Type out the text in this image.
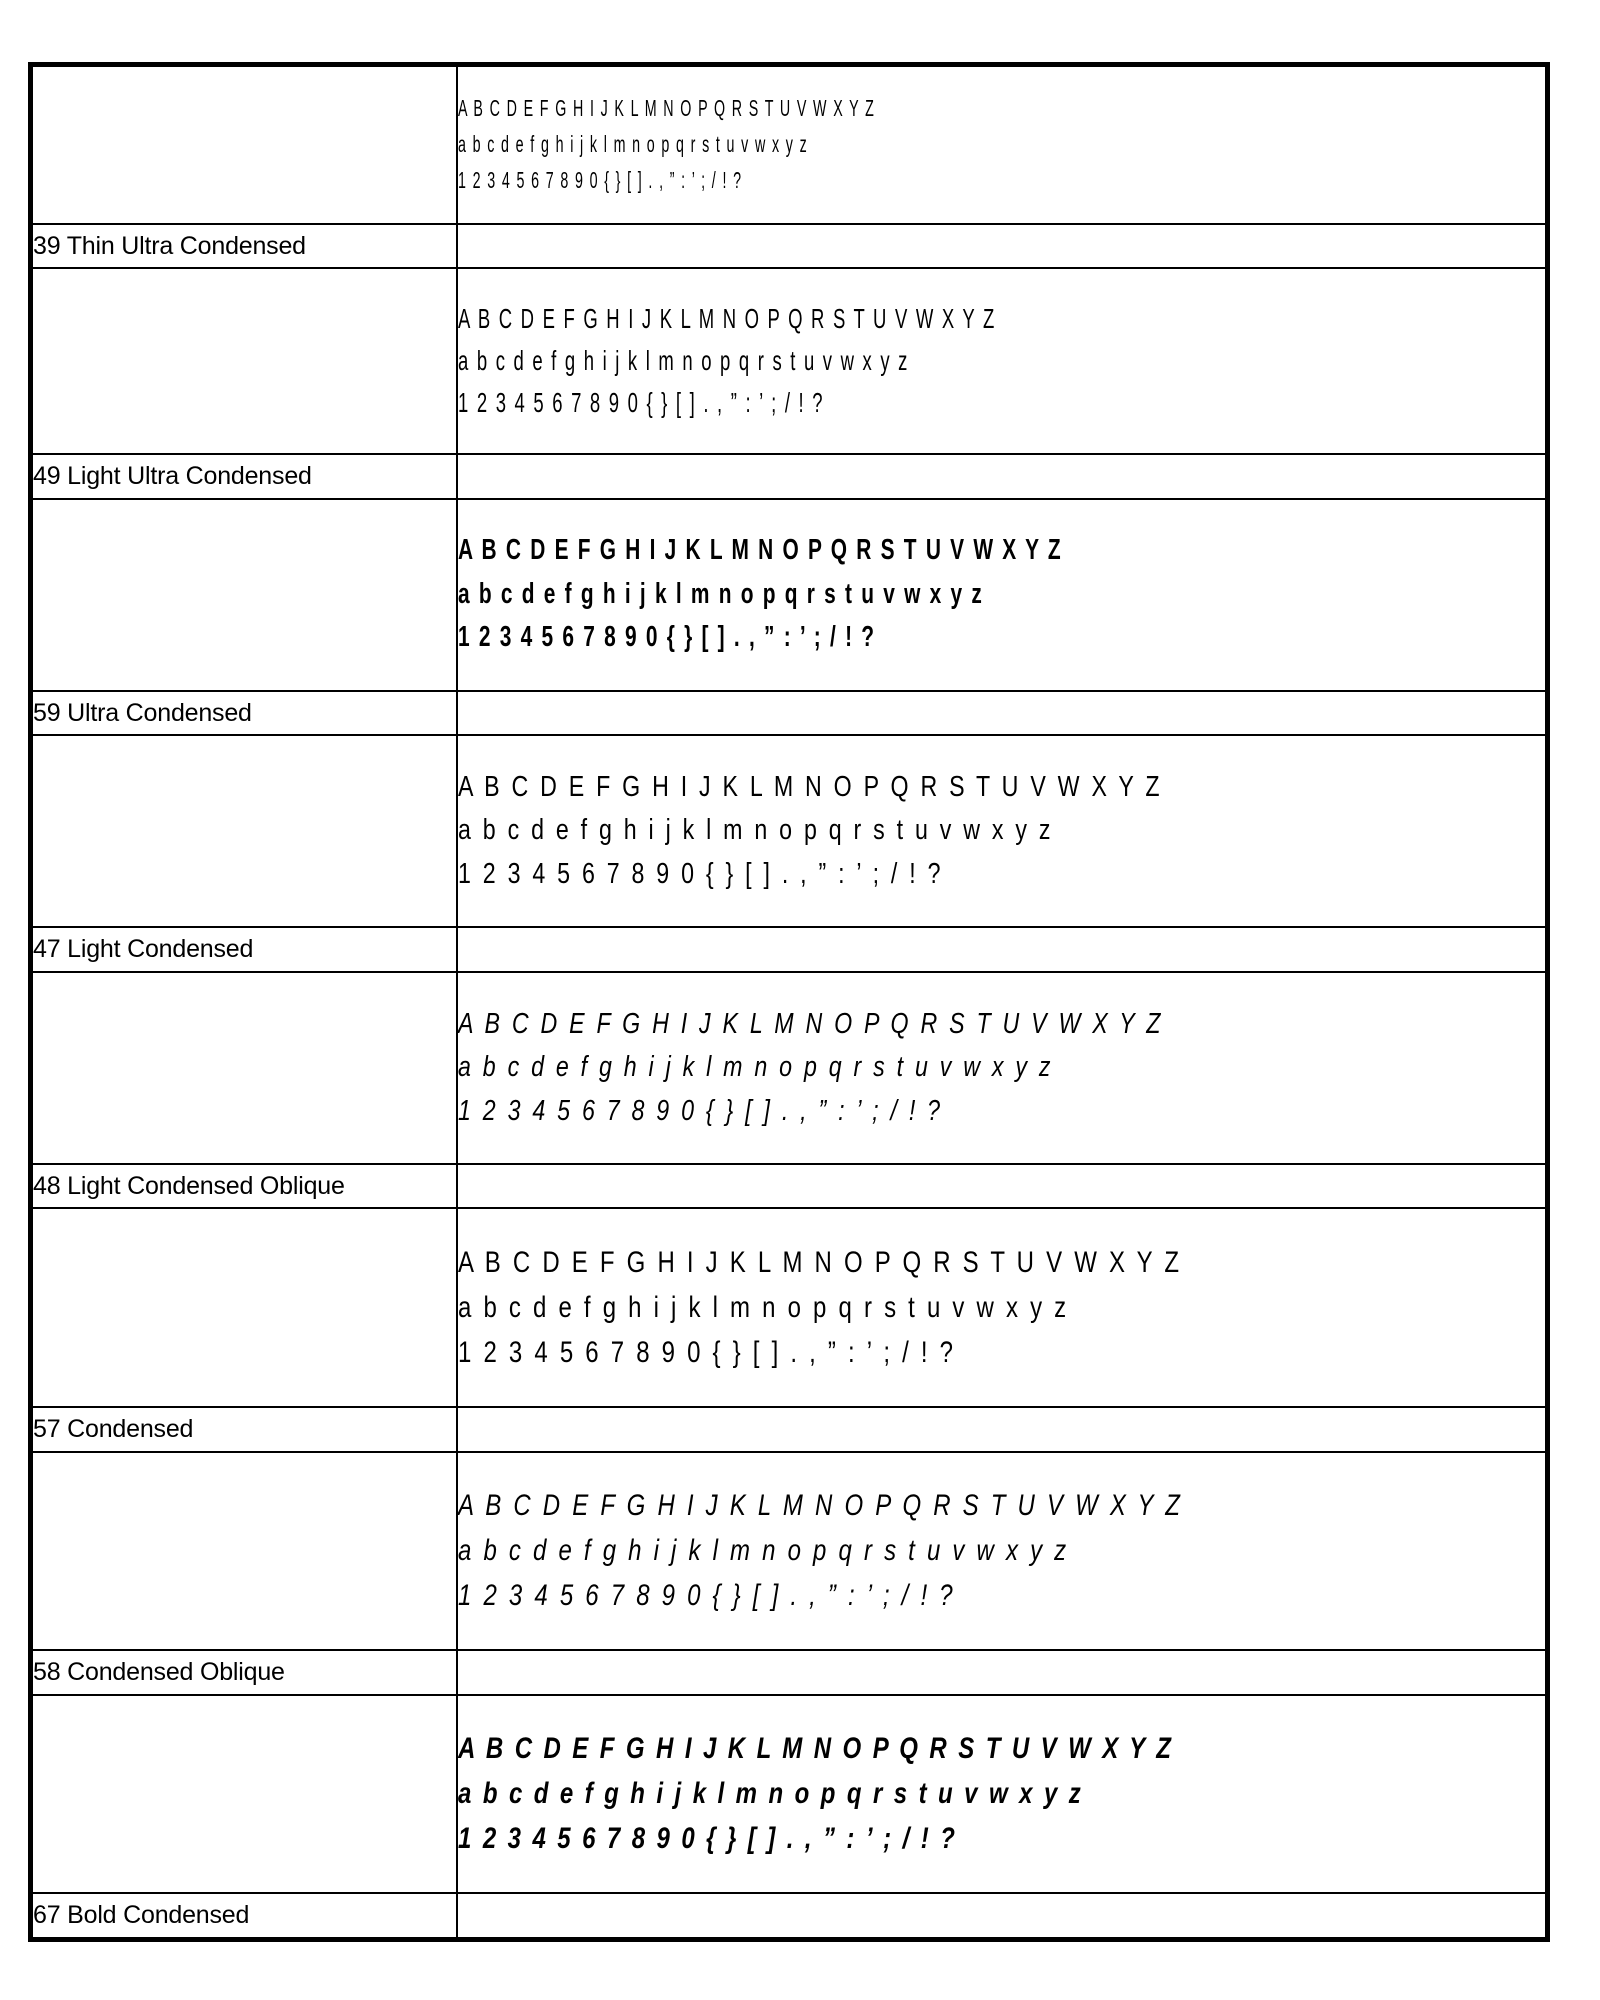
	A B C D E F G H I J K L M N O P Q R S T U V W X Y Z
a b c d e f g h i j k l m n o p q r s t u v w x y z
1 2 3 4 5 6 7 8 9 0 { } [ ] . , ” : ’ ; / ! ?

39 Thin Ultra Condensed	

	A B C D E F G H I J K L M N O P Q R S T U V W X Y Z
a b c d e f g h i j k l m n o p q r s t u v w x y z
1 2 3 4 5 6 7 8 9 0 { } [ ] . , ” : ’ ; / ! ?

49 Light Ultra Condensed	

	A B C D E F G H I J K L M N O P Q R S T U V W X Y Z
a b c d e f g h i j k l m n o p q r s t u v w x y z
1 2 3 4 5 6 7 8 9 0 { } [ ] . , ” : ’ ; / ! ?

59 Ultra Condensed	

	A B C D E F G H I J K L M N O P Q R S T U V W X Y Z
a b c d e f g h i j k l m n o p q r s t u v w x y z
1 2 3 4 5 6 7 8 9 0 { } [ ] . , ” : ’ ; / ! ?

47 Light Condensed	

	A B C D E F G H I J K L M N O P Q R S T U V W X Y Z
a b c d e f g h i j k l m n o p q r s t u v w x y z
1 2 3 4 5 6 7 8 9 0 { } [ ] . , ” : ’ ; / ! ?

48 Light Condensed Oblique	

	A B C D E F G H I J K L M N O P Q R S T U V W X Y Z
a b c d e f g h i j k l m n o p q r s t u v w x y z
1 2 3 4 5 6 7 8 9 0 { } [ ] . , ” : ’ ; / ! ?

57 Condensed	

	A B C D E F G H I J K L M N O P Q R S T U V W X Y Z
a b c d e f g h i j k l m n o p q r s t u v w x y z
1 2 3 4 5 6 7 8 9 0 { } [ ] . , ” : ’ ; / ! ?

58 Condensed Oblique	

	A B C D E F G H I J K L M N O P Q R S T U V W X Y Z
a b c d e f g h i j k l m n o p q r s t u v w x y z
1 2 3 4 5 6 7 8 9 0 { } [ ] . , ” : ’ ; / ! ?

67 Bold Condensed	
